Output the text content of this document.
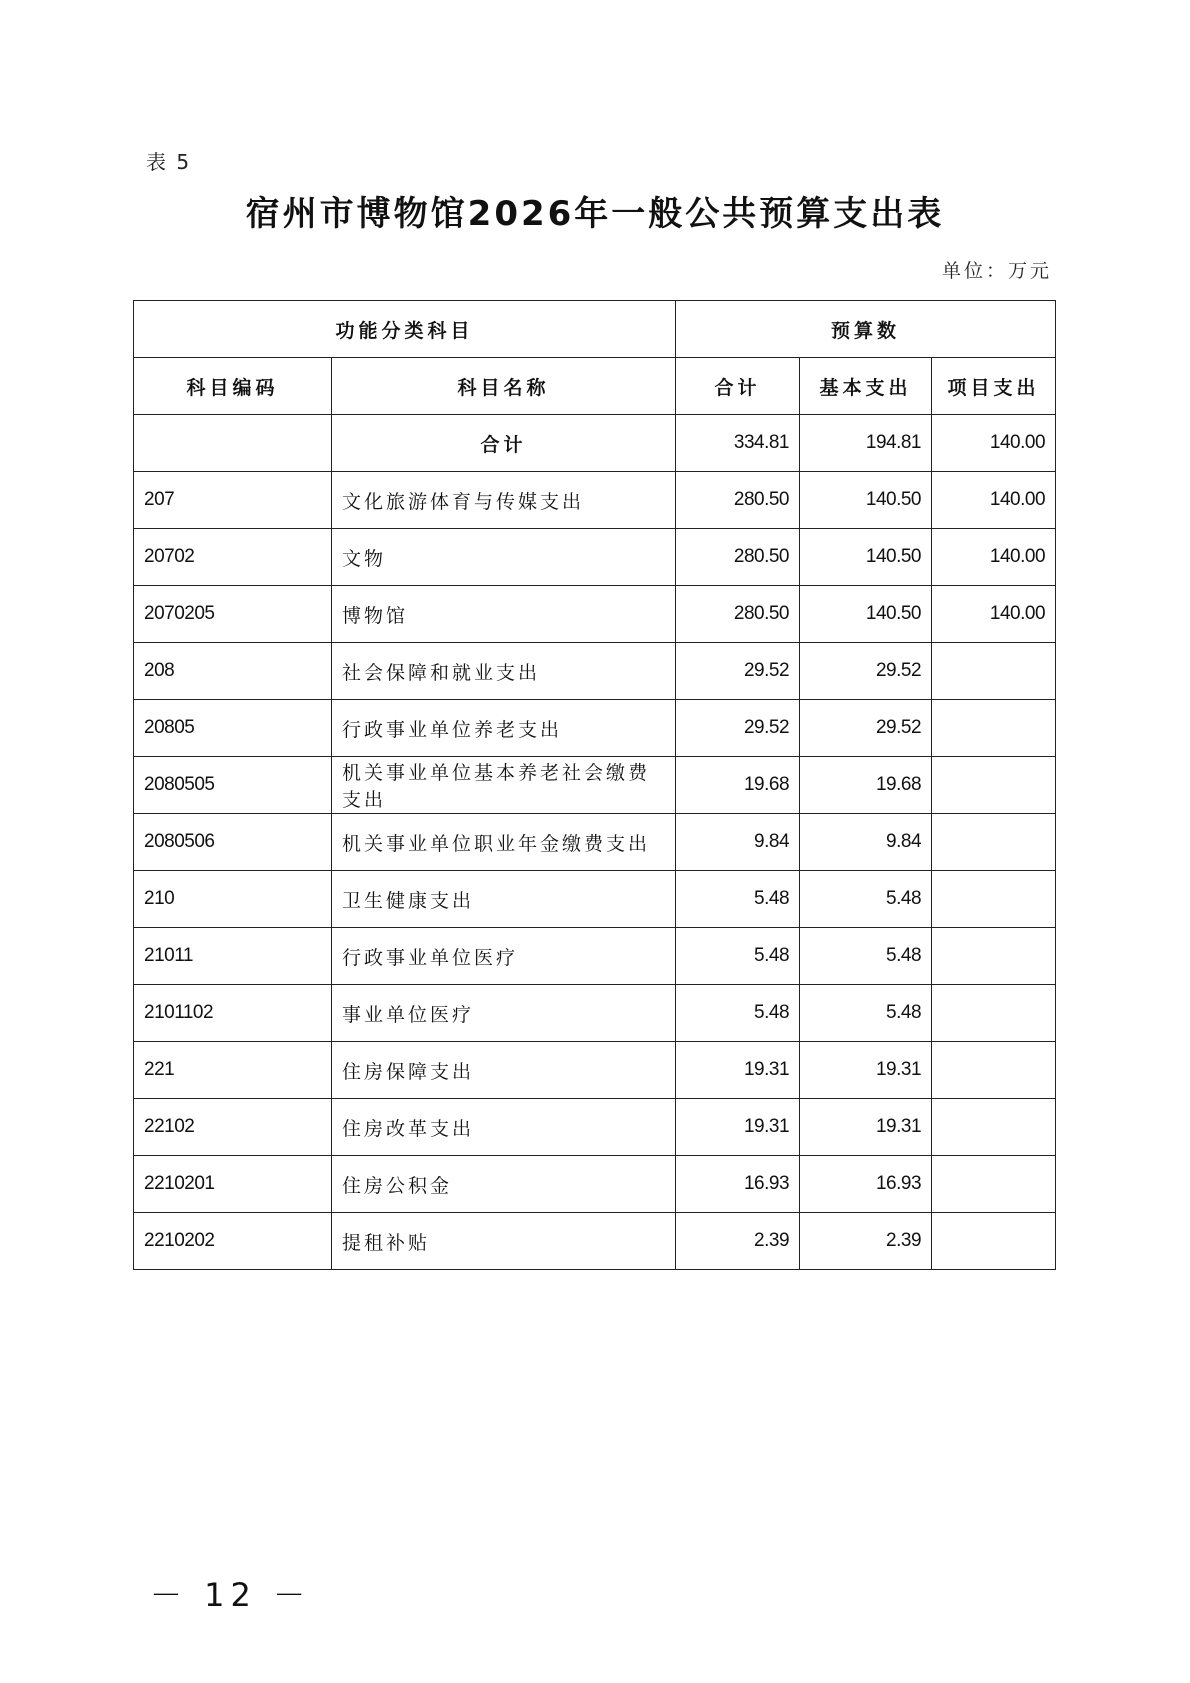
表 5
宿州市博物馆2026年一般公共预算支出表
单位：万元
功能分类科目		预算数		
科目编码	科目名称	合计	基本支出	项目支出
	合计	334.81	194.81	140.00
207	文化旅游体育与传媒支出	280.50	140.50	140.00
20702	文物	280.50	140.50	140.00
2070205	博物馆	280.50	140.50	140.00
208	社会保障和就业支出	29.52	29.52	
20805	行政事业单位养老支出	29.52	29.52	
2080505	机关事业单位基本养老社会缴费支出	19.68	19.68	
2080506	机关事业单位职业年金缴费支出	9.84	9.84	
210	卫生健康支出	5.48	5.48	
21011	行政事业单位医疗	5.48	5.48	
2101102	事业单位医疗	5.48	5.48	
221	住房保障支出	19.31	19.31	
22102	住房改革支出	19.31	19.31	
2210201	住房公积金	16.93	16.93	
2210202	提租补贴	2.39	2.39	
－ 12 －
